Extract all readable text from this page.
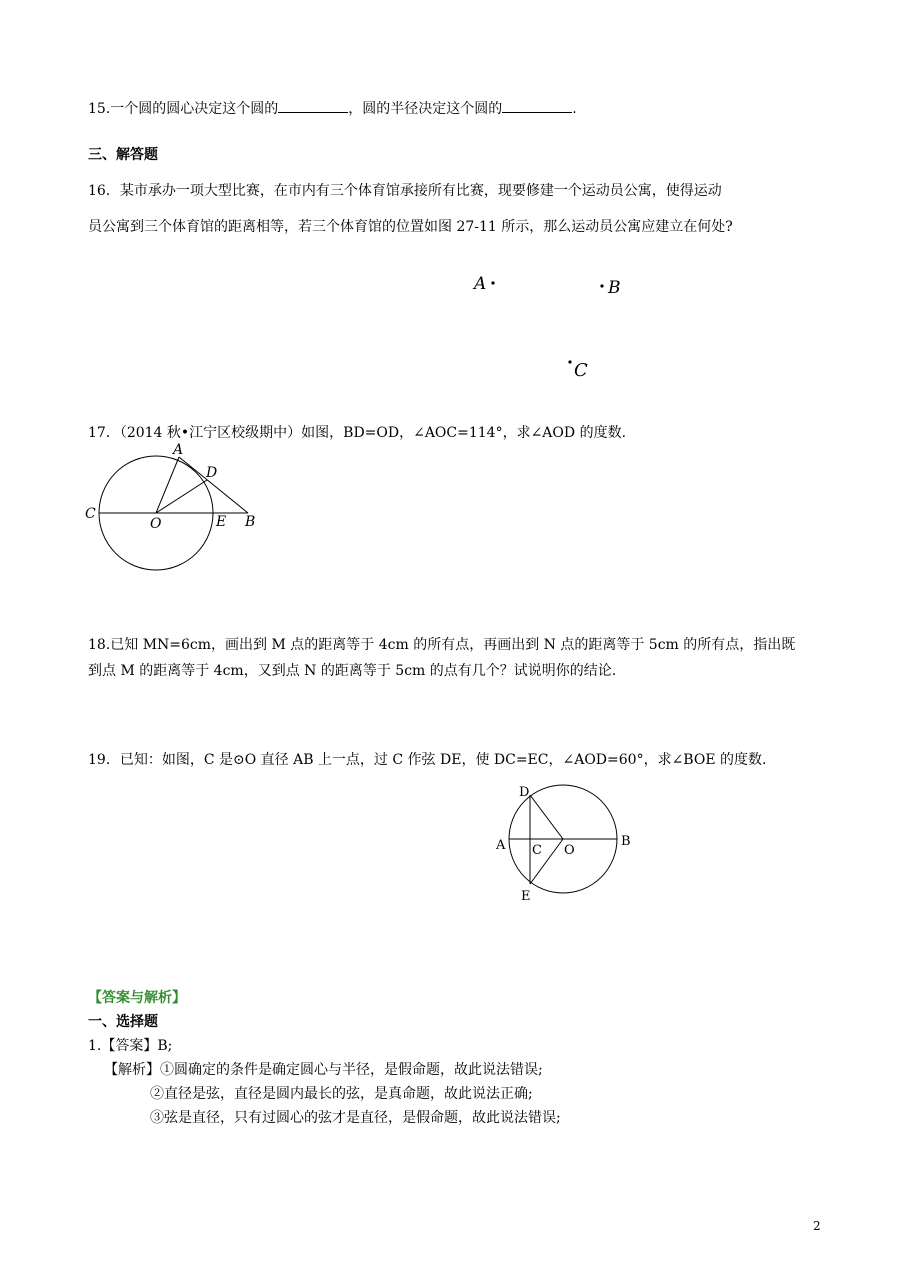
15.一个圆的圆心决定这个圆的	，圆的半径决定这个圆的	.
三、解答题
16．某市承办一项大型比赛，在市内有三个体育馆承接所有比赛，现要修建一个运动员公寓，使得运动
员公寓到三个体育馆的距离相等，若三个体育馆的位置如图 27-11 所示，那么运动员公寓应建立在何处?
A	B
C
17．（2014 秋•江宁区校级期中）如图，BD=OD，∠AOC=114°，求∠AOD 的度数.
A
D
C
O	E B
18.已知 MN=6cm，画出到 M 点的距离等于 4cm 的所有点，再画出到 N 点的距离等于 5cm 的所有点，指出既
到点 M 的距离等于 4cm，又到点 N 的距离等于 5cm 的点有几个？试说明你的结论.
19．已知：如图，C 是⊙O 直径 AB 上一点，过 C 作弦 DE，使 DC=EC，∠AOD=60°，求∠BOE 的度数.
D
A C O
B
E
【答案与解析】
一、选择题
1.【答案】B;
【解析】①圆确定的条件是确定圆心与半径，是假命题，故此说法错误;
②直径是弦，直径是圆内最长的弦，是真命题，故此说法正确;
③弦是直径，只有过圆心的弦才是直径，是假命题，故此说法错误;
2
